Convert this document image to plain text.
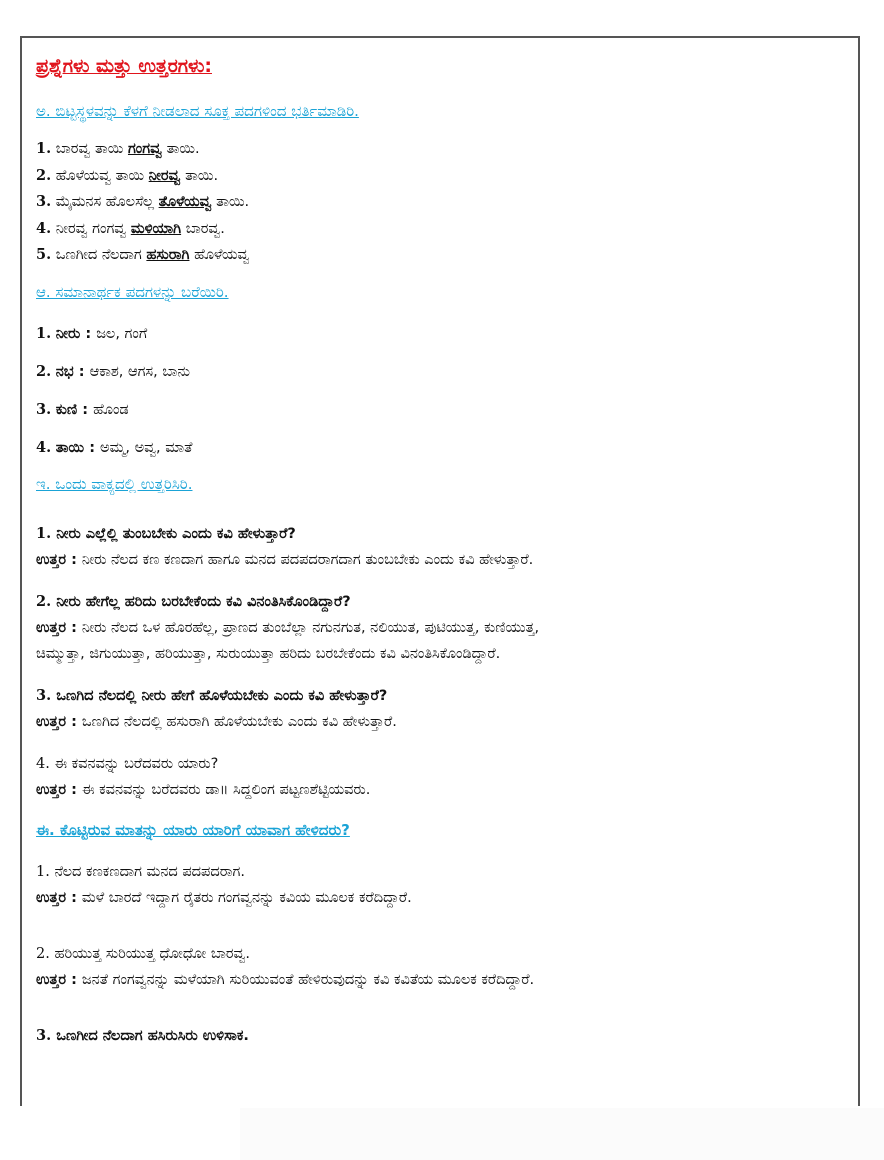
ಪ್ರಶ್ನೆಗಳು ಮತ್ತು ಉತ್ತರಗಳು:
ಅ. ಬಿಟ್ಟಸ್ಥಳವನ್ನು ಕೆಳಗೆ ನೀಡಲಾದ ಸೂಕ್ತ ಪದಗಳಿಂದ ಭರ್ತಿಮಾಡಿರಿ.
1. ಬಾರವ್ವ ತಾಯಿ ಗಂಗವ್ವ ತಾಯಿ.
2. ಹೊಳೆಯವ್ವ ತಾಯಿ ನೀರವ್ವ ತಾಯಿ.
3. ಮೈಮನಸ ಹೊಲಸೆಲ್ಲ ತೊಳೆಯವ್ವ ತಾಯಿ.
4. ನೀರವ್ವ ಗಂಗವ್ವ ಮಳಿಯಾಗಿ ಬಾರವ್ವ.
5. ಒಣಗೀದ ನೆಲದಾಗ ಹಸುರಾಗಿ ಹೊಳೆಯವ್ವ
ಆ. ಸಮಾನಾರ್ಥಕ ಪದಗಳನ್ನು ಬರೆಯಿರಿ.
1. ನೀರು : ಜಲ, ಗಂಗೆ
2. ನಭ : ಆಕಾಶ, ಆಗಸ, ಬಾನು
3. ಕುಣಿ : ಹೊಂಡ
4. ತಾಯಿ : ಅಮ್ಮ, ಅವ್ವ, ಮಾತೆ
ಇ. ಒಂದು ವಾಕ್ಯದಲ್ಲಿ ಉತ್ತರಿಸಿರಿ.
1. ನೀರು ಎಲ್ಲೆಲ್ಲಿ ತುಂಬಬೇಕು ಎಂದು ಕವಿ ಹೇಳುತ್ತಾರೆ?
ಉತ್ತರ : ನೀರು ನೆಲದ ಕಣ ಕಣದಾಗ ಹಾಗೂ ಮನದ ಪದಪದರಾಗದಾಗ ತುಂಬಬೇಕು ಎಂದು ಕವಿ ಹೇಳುತ್ತಾರೆ.
2. ನೀರು ಹೇಗೆಲ್ಲ ಹರಿದು ಬರಬೇಕೆಂದು ಕವಿ ವಿನಂತಿಸಿಕೊಂಡಿದ್ದಾರೆ?
ಉತ್ತರ : ನೀರು ನೆಲದ ಒಳ ಹೊರಹೆಲ್ಲ, ಪ್ರಾಣದ ತುಂಬೆಲ್ಲಾ ನಗುನಗುತ, ನಲಿಯುತ, ಪುಟಿಯುತ್ತ, ಕುಣಿಯುತ್ತ,
ಚಿಮ್ಮುತ್ತಾ, ಜಿಗುಯುತ್ತಾ, ಹರಿಯುತ್ತಾ, ಸುರುಯುತ್ತಾ ಹರಿದು ಬರಬೇಕೆಂದು ಕವಿ ವಿನಂತಿಸಿಕೊಂಡಿದ್ದಾರೆ.
3. ಒಣಗಿದ ನೆಲದಲ್ಲಿ ನೀರು ಹೇಗೆ ಹೊಳೆಯಬೇಕು ಎಂದು ಕವಿ ಹೇಳುತ್ತಾರೆ?
ಉತ್ತರ : ಒಣಗಿದ ನೆಲದಲ್ಲಿ ಹಸುರಾಗಿ ಹೊಳೆಯಬೇಕು ಎಂದು ಕವಿ ಹೇಳುತ್ತಾರೆ.
4. ಈ ಕವನವನ್ನು ಬರೆದವರು ಯಾರು?
ಉತ್ತರ : ಈ ಕವನವನ್ನು ಬರೆದವರು ಡಾ॥ ಸಿದ್ದಲಿಂಗ ಪಟ್ಟಣಶೆಟ್ಟಿಯವರು.
ಈ. ಕೊಟ್ಟಿರುವ ಮಾತನ್ನು ಯಾರು ಯಾರಿಗೆ ಯಾವಾಗ ಹೇಳಿದರು?
1. ನೆಲದ ಕಣಕಣದಾಗ ಮನದ ಪದಪದರಾಗ.
ಉತ್ತರ : ಮಳೆ ಬಾರದೆ ಇದ್ದಾಗ ರೈತರು ಗಂಗವ್ವನನ್ನು ಕವಿಯ ಮೂಲಕ ಕರೆದಿದ್ದಾರೆ.
2. ಹರಿಯುತ್ತ ಸುರಿಯುತ್ತ ಧೋಧೋ ಬಾರವ್ವ.
ಉತ್ತರ : ಜನತೆ ಗಂಗವ್ವನನ್ನು ಮಳೆಯಾಗಿ ಸುರಿಯುವಂತೆ ಹೇಳಿರುವುದನ್ನು ಕವಿ ಕವಿತೆಯ ಮೂಲಕ ಕರೆದಿದ್ದಾರೆ.
3. ಒಣಗೀದ ನೆಲದಾಗ ಹಸಿರುಸಿರು ಉಳಿಸಾಕ.
